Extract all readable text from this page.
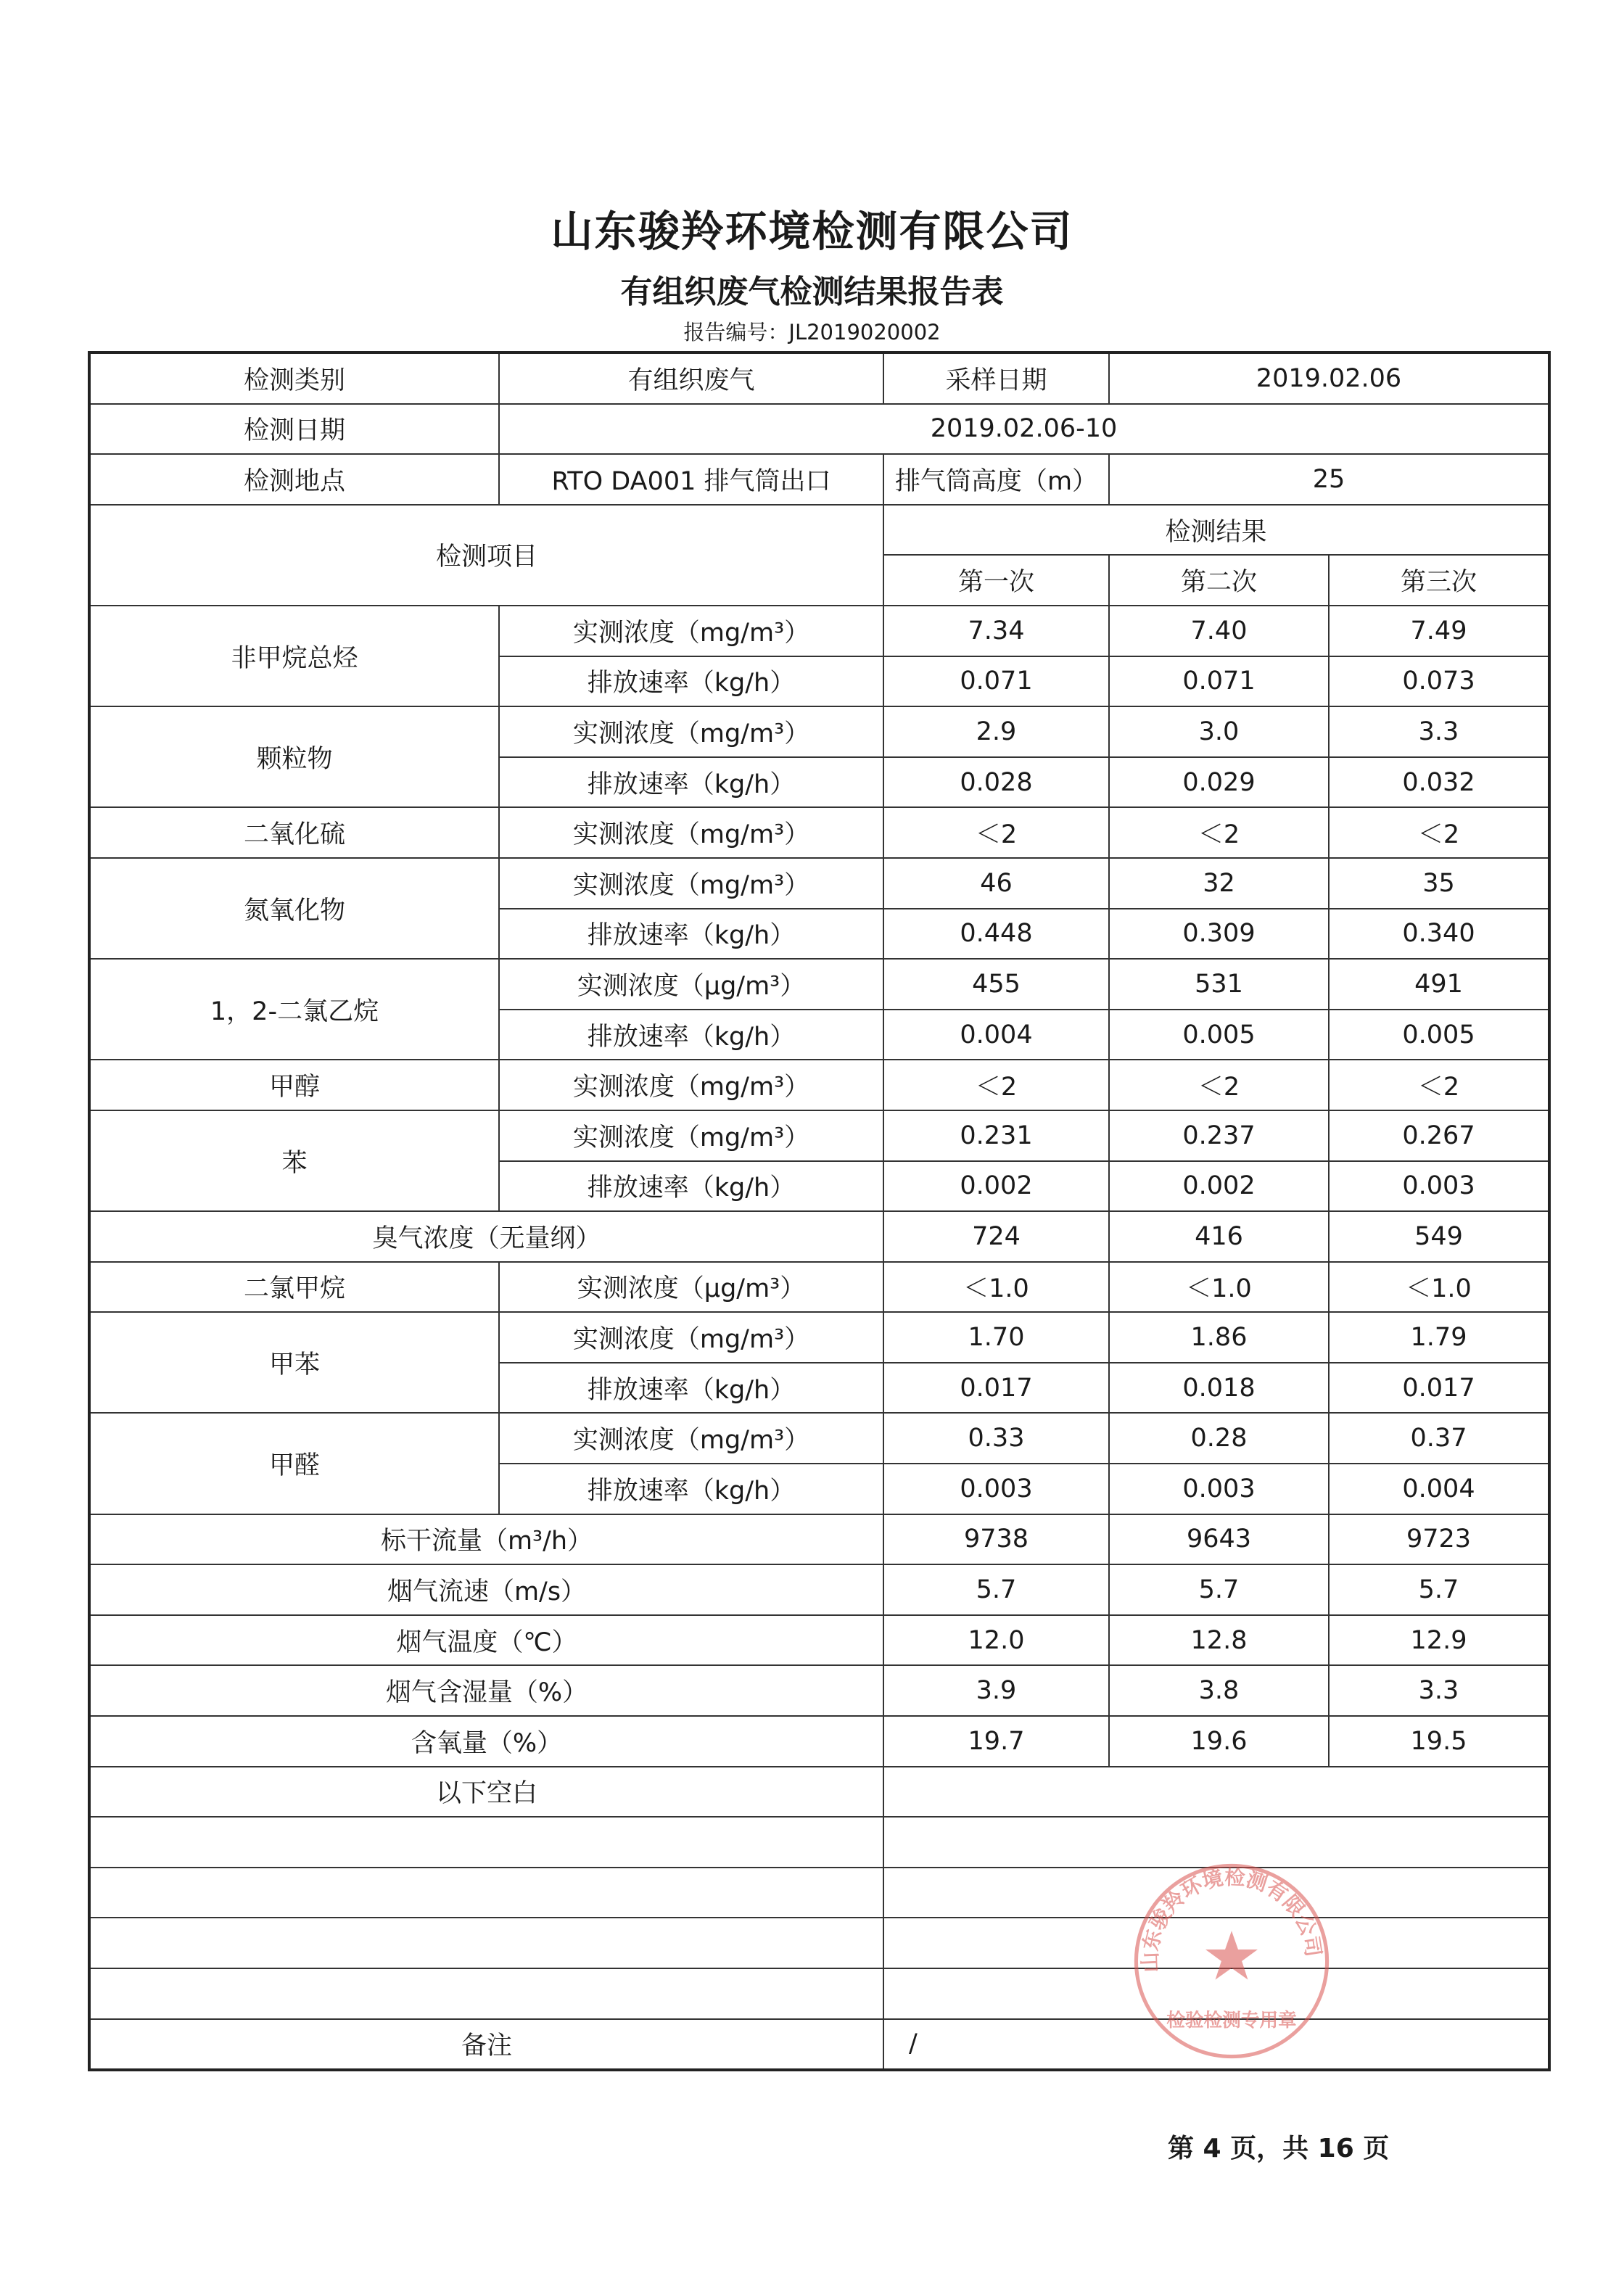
山东骏羚环境检测有限公司
有组织废气检测结果报告表
报告编号：JL2019020002
检测类别	有组织废气	采样日期	2019.02.06	
检测日期	2019.02.06-10			
检测地点	RTO DA001 排气筒出口	排气筒高度（m）	25	
检测项目		检测结果		
		第一次	第二次	第三次
非甲烷总烃	实测浓度（mg/m³）	7.34	7.40	7.49
	排放速率（kg/h）	0.071	0.071	0.073
颗粒物	实测浓度（mg/m³）	2.9	3.0	3.3
	排放速率（kg/h）	0.028	0.029	0.032
二氧化硫	实测浓度（mg/m³）	＜2	＜2	＜2
氮氧化物	实测浓度（mg/m³）	46	32	35
	排放速率（kg/h）	0.448	0.309	0.340
1，2-二氯乙烷	实测浓度（μg/m³）	455	531	491
	排放速率（kg/h）	0.004	0.005	0.005
甲醇	实测浓度（mg/m³）	＜2	＜2	＜2
苯	实测浓度（mg/m³）	0.231	0.237	0.267
	排放速率（kg/h）	0.002	0.002	0.003
臭气浓度（无量纲）		724	416	549
二氯甲烷	实测浓度（μg/m³）	＜1.0	＜1.0	＜1.0
甲苯	实测浓度（mg/m³）	1.70	1.86	1.79
	排放速率（kg/h）	0.017	0.018	0.017
甲醛	实测浓度（mg/m³）	0.33	0.28	0.37
	排放速率（kg/h）	0.003	0.003	0.004
标干流量（m³/h）		9738	9643	9723
烟气流速（m/s）		5.7	5.7	5.7
烟气温度（℃）		12.0	12.8	12.9
烟气含湿量（%）		3.9	3.8	3.3
含氧量（%）		19.7	19.6	19.5
以下空白				

备注		/		
山东骏羚环境检测有限公司
检验检测专用章
第 4 页，共 16 页
